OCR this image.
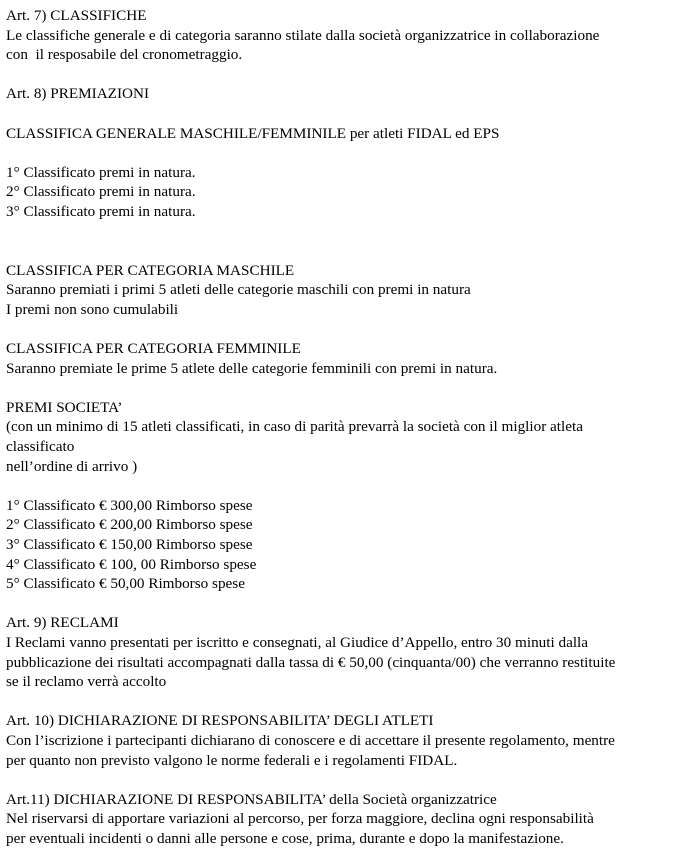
Art. 7) CLASSIFICHE
Le classifiche generale e di categoria saranno stilate dalla società organizzatrice in collaborazione
con  il resposabile del cronometraggio.
Art. 8) PREMIAZIONI
CLASSIFICA GENERALE MASCHILE/FEMMINILE per atleti FIDAL ed EPS
1° Classificato premi in natura.
2° Classificato premi in natura.
3° Classificato premi in natura.
CLASSIFICA PER CATEGORIA MASCHILE
Saranno premiati i primi 5 atleti delle categorie maschili con premi in natura
I premi non sono cumulabili
CLASSIFICA PER CATEGORIA FEMMINILE
Saranno premiate le prime 5 atlete delle categorie femminili con premi in natura.
PREMI SOCIETA’
(con un minimo di 15 atleti classificati, in caso di parità prevarrà la società con il miglior atleta
classificato
nell’ordine di arrivo )
1° Classificato € 300,00 Rimborso spese
2° Classificato € 200,00 Rimborso spese
3° Classificato € 150,00 Rimborso spese
4° Classificato € 100, 00 Rimborso spese
5° Classificato € 50,00 Rimborso spese
Art. 9) RECLAMI
I Reclami vanno presentati per iscritto e consegnati, al Giudice d’Appello, entro 30 minuti dalla
pubblicazione dei risultati accompagnati dalla tassa di € 50,00 (cinquanta/00) che verranno restituite
se il reclamo verrà accolto
Art. 10) DICHIARAZIONE DI RESPONSABILITA’ DEGLI ATLETI
Con l’iscrizione i partecipanti dichiarano di conoscere e di accettare il presente regolamento, mentre
per quanto non previsto valgono le norme federali e i regolamenti FIDAL.
Art.11) DICHIARAZIONE DI RESPONSABILITA’ della Società organizzatrice
Nel riservarsi di apportare variazioni al percorso, per forza maggiore, declina ogni responsabilità
per eventuali incidenti o danni alle persone e cose, prima, durante e dopo la manifestazione.
